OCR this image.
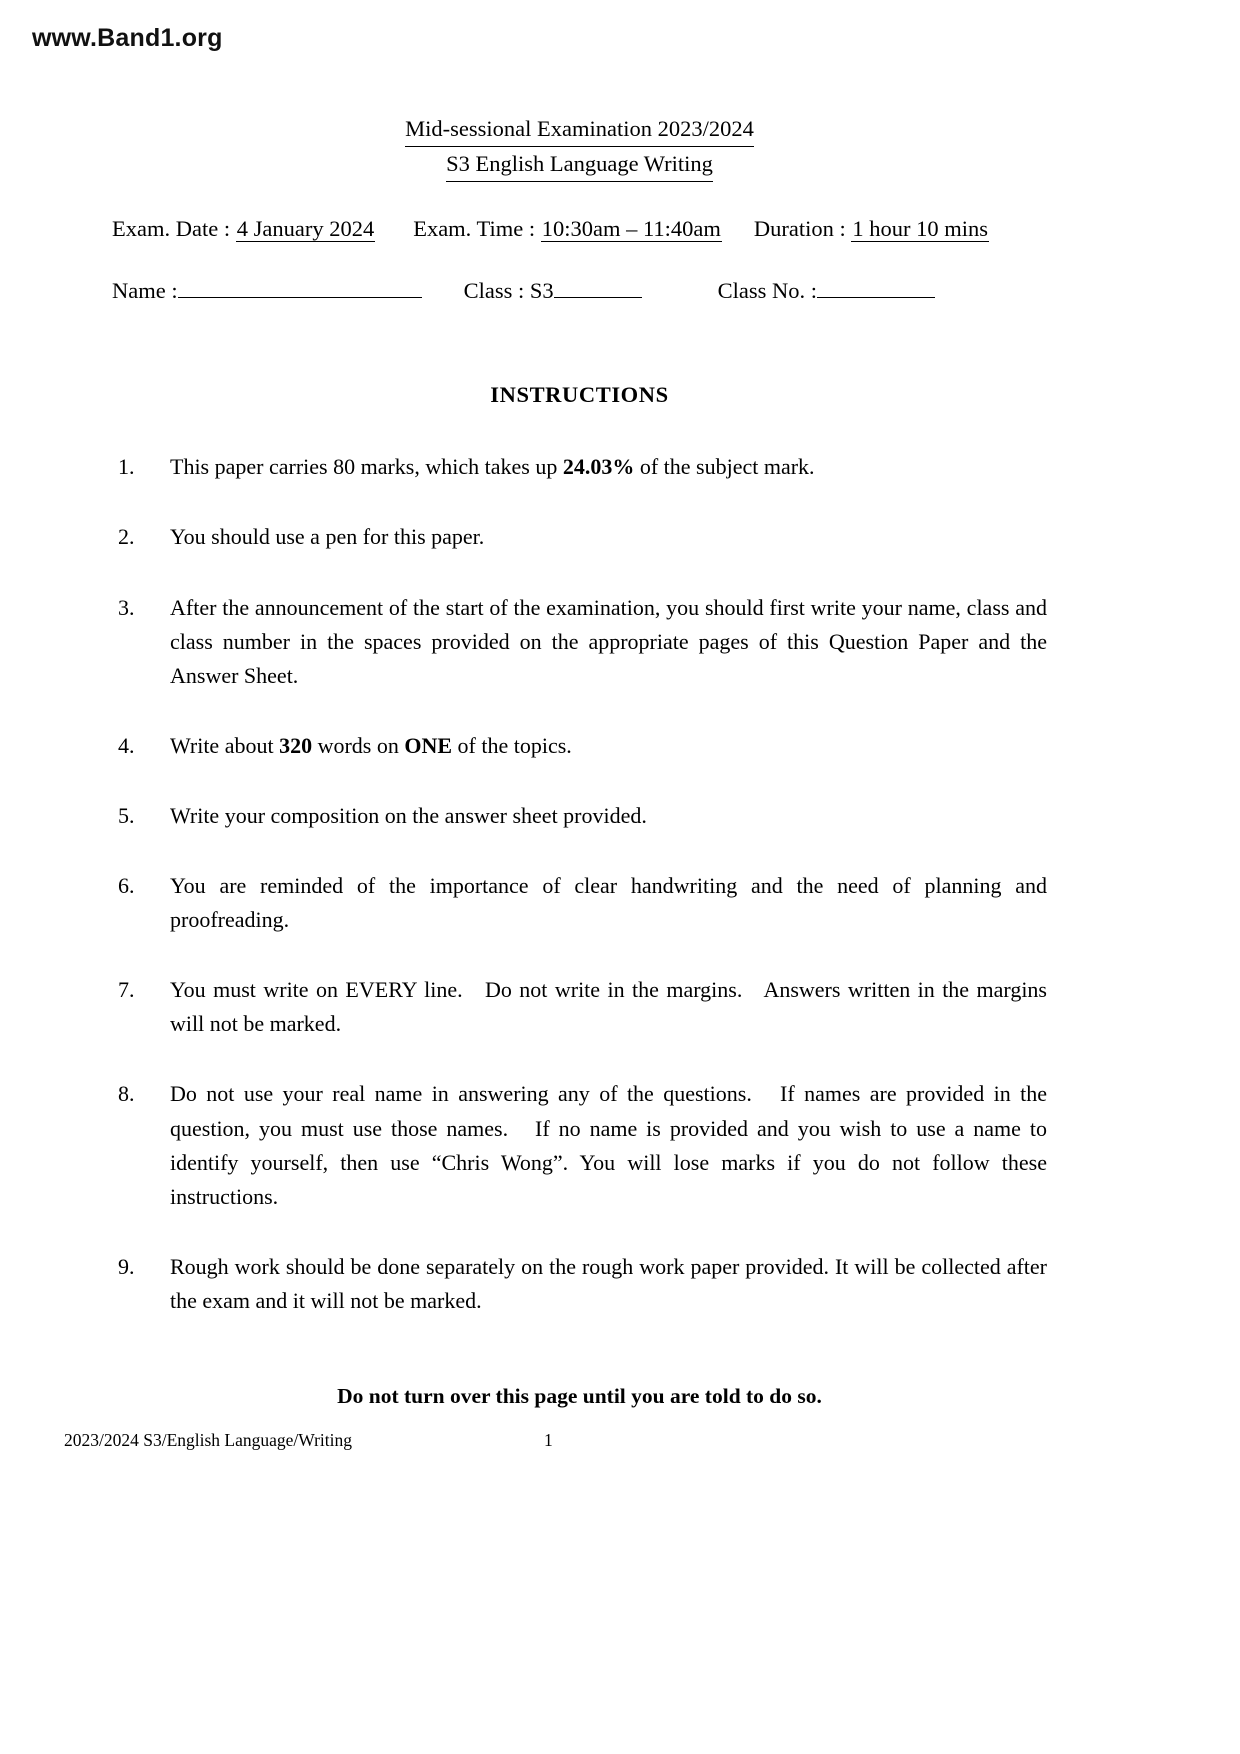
www.Band1.org
Mid-sessional Examination 2023/2024
S3 English Language Writing
Exam. Date : 4 January 2024 Exam. Time : 10:30am – 11:40am Duration : 1 hour 10 mins
Name :	Class : S3	Class No. :
INSTRUCTIONS
1.	This paper carries 80 marks, which takes up 24.03% of the subject mark.
2.	You should use a pen for this paper.
3.	After the announcement of the start of the examination, you should first write your name, class and class number in the spaces provided on the appropriate pages of this Question Paper and the Answer Sheet.
4.	Write about 320 words on ONE of the topics.
5.	Write your composition on the answer sheet provided.
6.	You are reminded of the importance of clear handwriting and the need of planning and proofreading.
7.	You must write on EVERY line.   Do not write in the margins.   Answers written in the margins will not be marked.
8.	Do not use your real name in answering any of the questions.   If names are provided in the question, you must use those names.   If no name is provided and you wish to use a name to identify yourself, then use “Chris Wong”. You will lose marks if you do not follow these instructions.
9.	Rough work should be done separately on the rough work paper provided. It will be collected after the exam and it will not be marked.
Do not turn over this page until you are told to do so.
2023/2024 S3/English Language/Writing	1
